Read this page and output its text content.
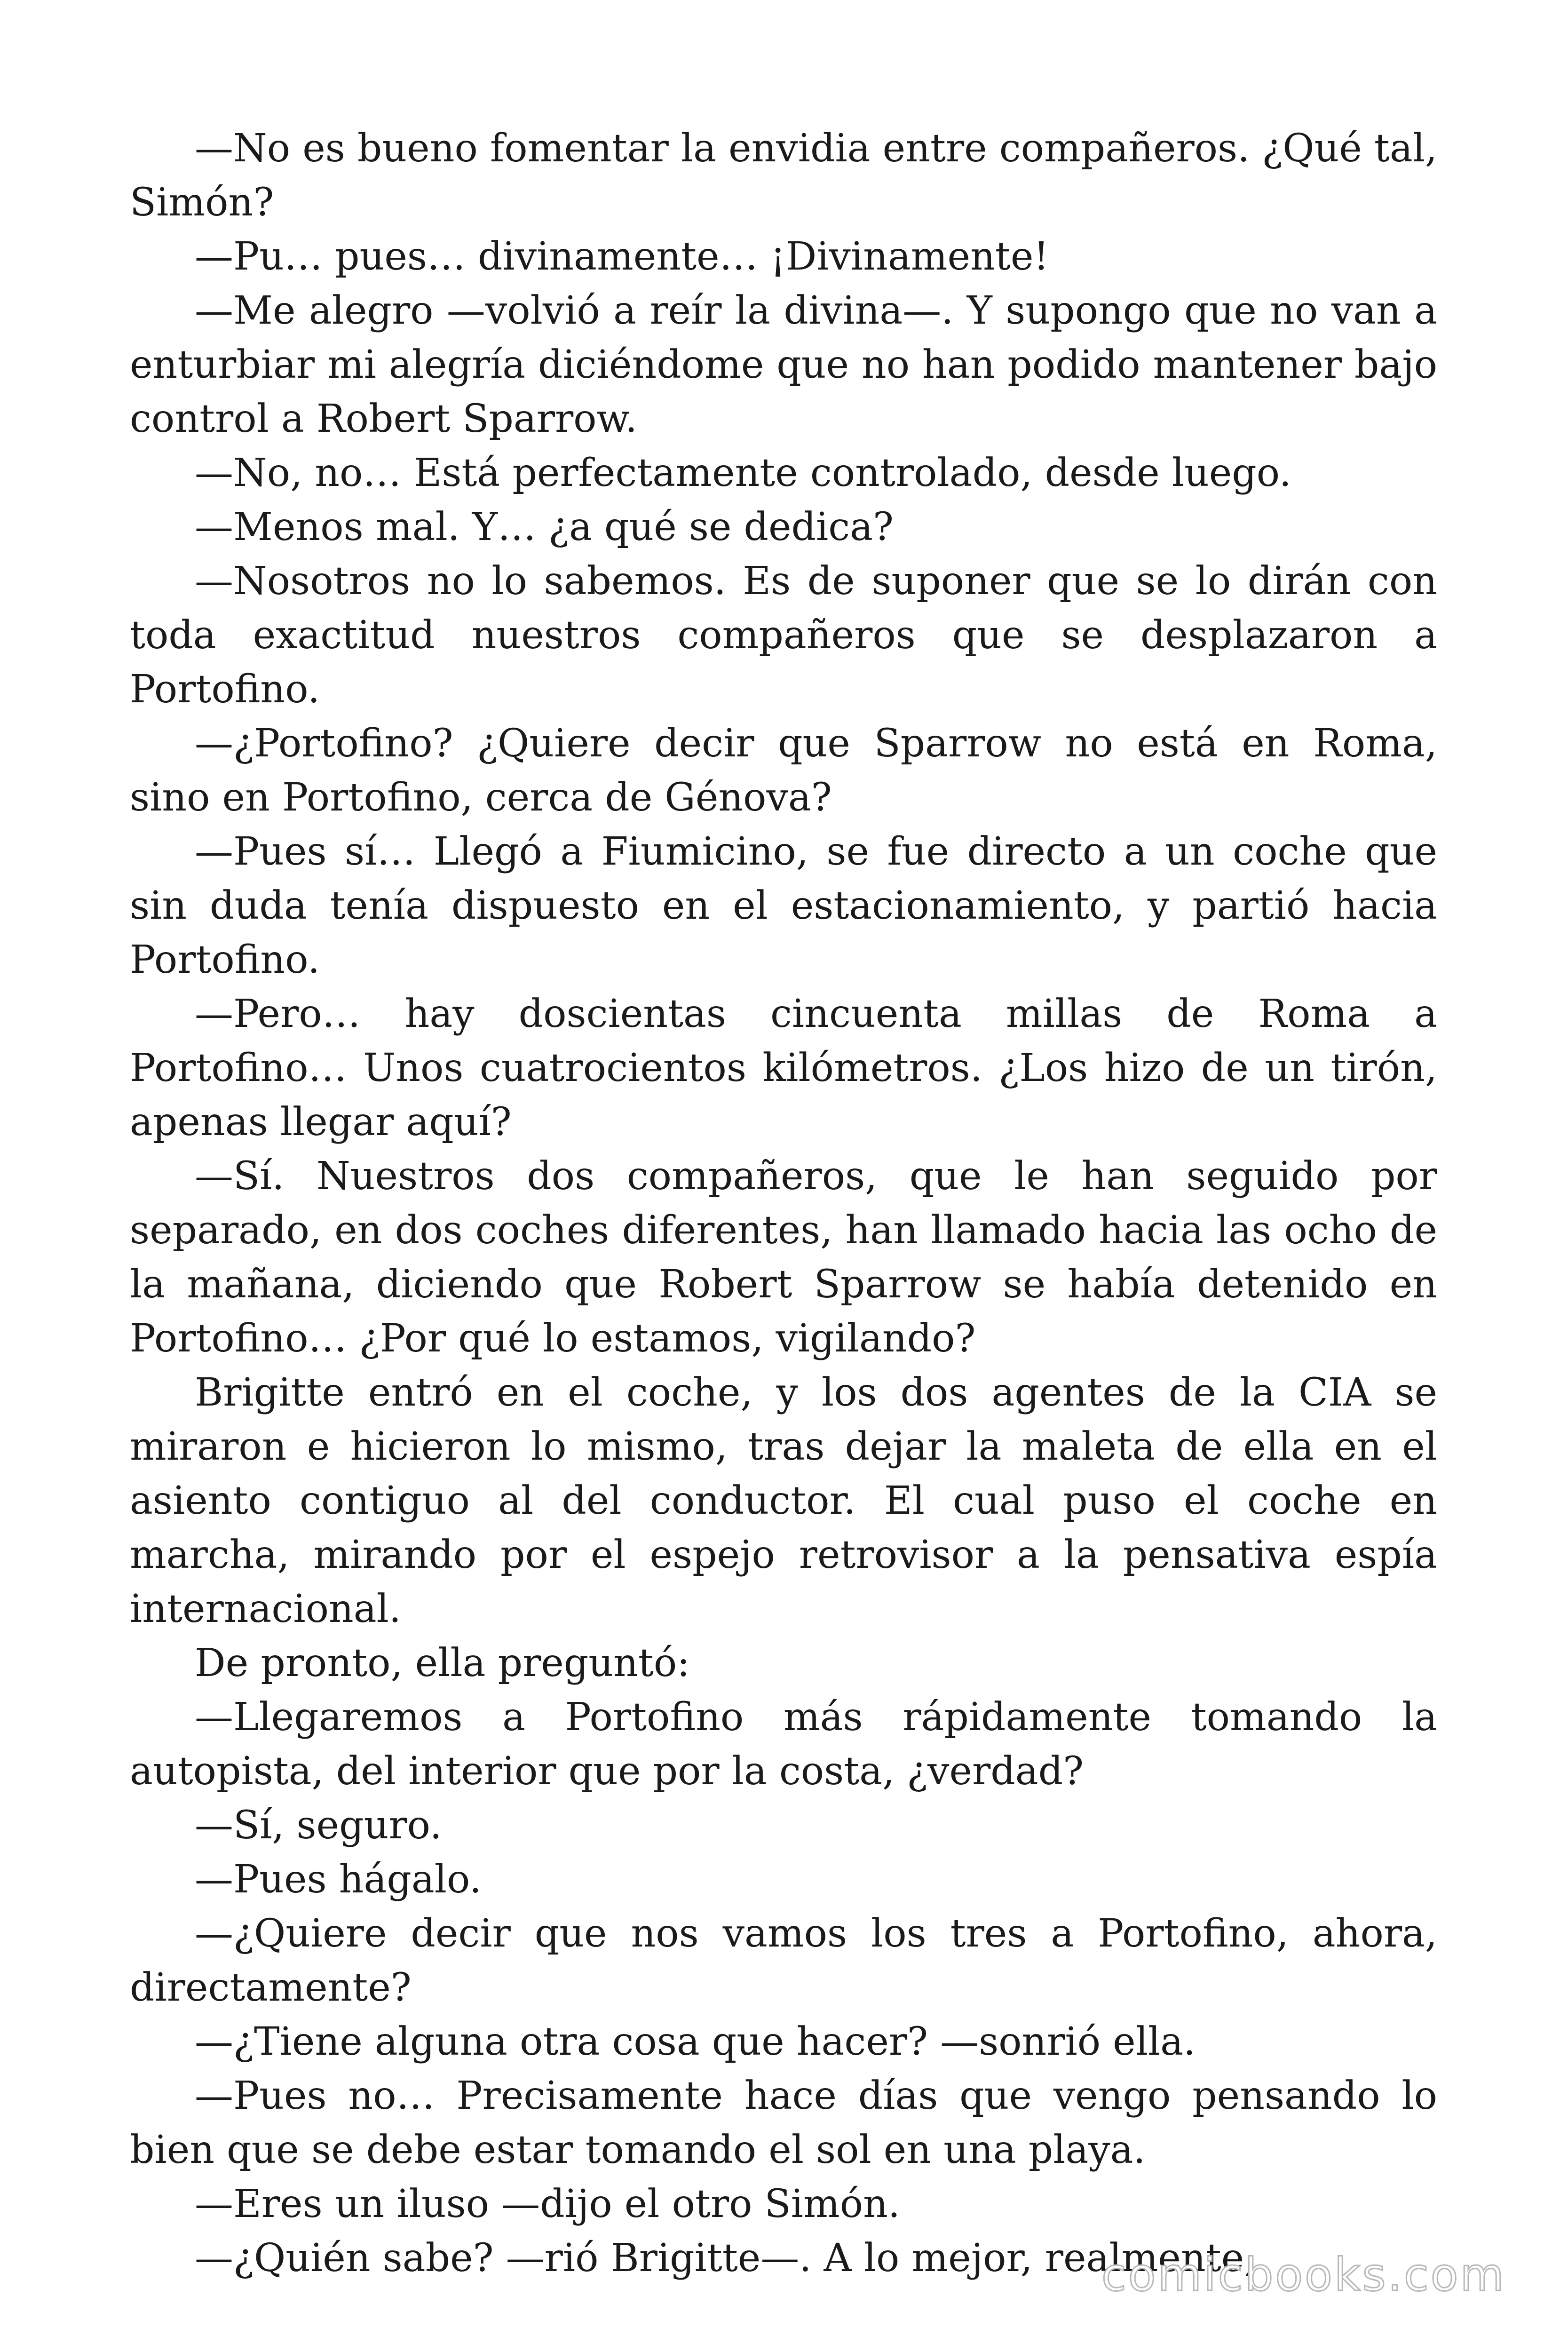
—No es bueno fomentar la envidia entre compañeros. ¿Qué tal, Simón?

—Pu… pues… divinamente… ¡Divinamente!

—Me alegro —volvió a reír la divina—. Y supongo que no van a enturbiar mi alegría diciéndome que no han podido mantener bajo control a Robert Sparrow.

—No, no… Está perfectamente controlado, desde luego.

—Menos mal. Y… ¿a qué se dedica?

—Nosotros no lo sabemos. Es de suponer que se lo dirán con toda exactitud nuestros compañeros que se desplazaron a Portofino.

—¿Portofino? ¿Quiere decir que Sparrow no está en Roma, sino en Portofino, cerca de Génova?

—Pues sí… Llegó a Fiumicino, se fue directo a un coche que sin duda tenía dispuesto en el estacionamiento, y partió hacia Portofino.

—Pero… hay doscientas cincuenta millas de Roma a Portofino… Unos cuatrocientos kilómetros. ¿Los hizo de un tirón, apenas llegar aquí?

—Sí. Nuestros dos compañeros, que le han seguido por separado, en dos coches diferentes, han llamado hacia las ocho de la mañana, diciendo que Robert Sparrow se había detenido en Portofino… ¿Por qué lo estamos, vigilando?

Brigitte entró en el coche, y los dos agentes de la CIA se miraron e hicieron lo mismo, tras dejar la maleta de ella en el asiento contiguo al del conductor. El cual puso el coche en marcha, mirando por el espejo retrovisor a la pensativa espía internacional.

De pronto, ella preguntó:

—Llegaremos a Portofino más rápidamente tomando la autopista, del interior que por la costa, ¿verdad?

—Sí, seguro.

—Pues hágalo.

—¿Quiere decir que nos vamos los tres a Portofino, ahora, directamente?

—¿Tiene alguna otra cosa que hacer? —sonrió ella.

—Pues no… Precisamente hace días que vengo pensando lo bien que se debe estar tomando el sol en una playa.

—Eres un iluso —dijo el otro Simón.

—¿Quién sabe? —rió Brigitte—. A lo mejor, realmente,

comicbooks.com
